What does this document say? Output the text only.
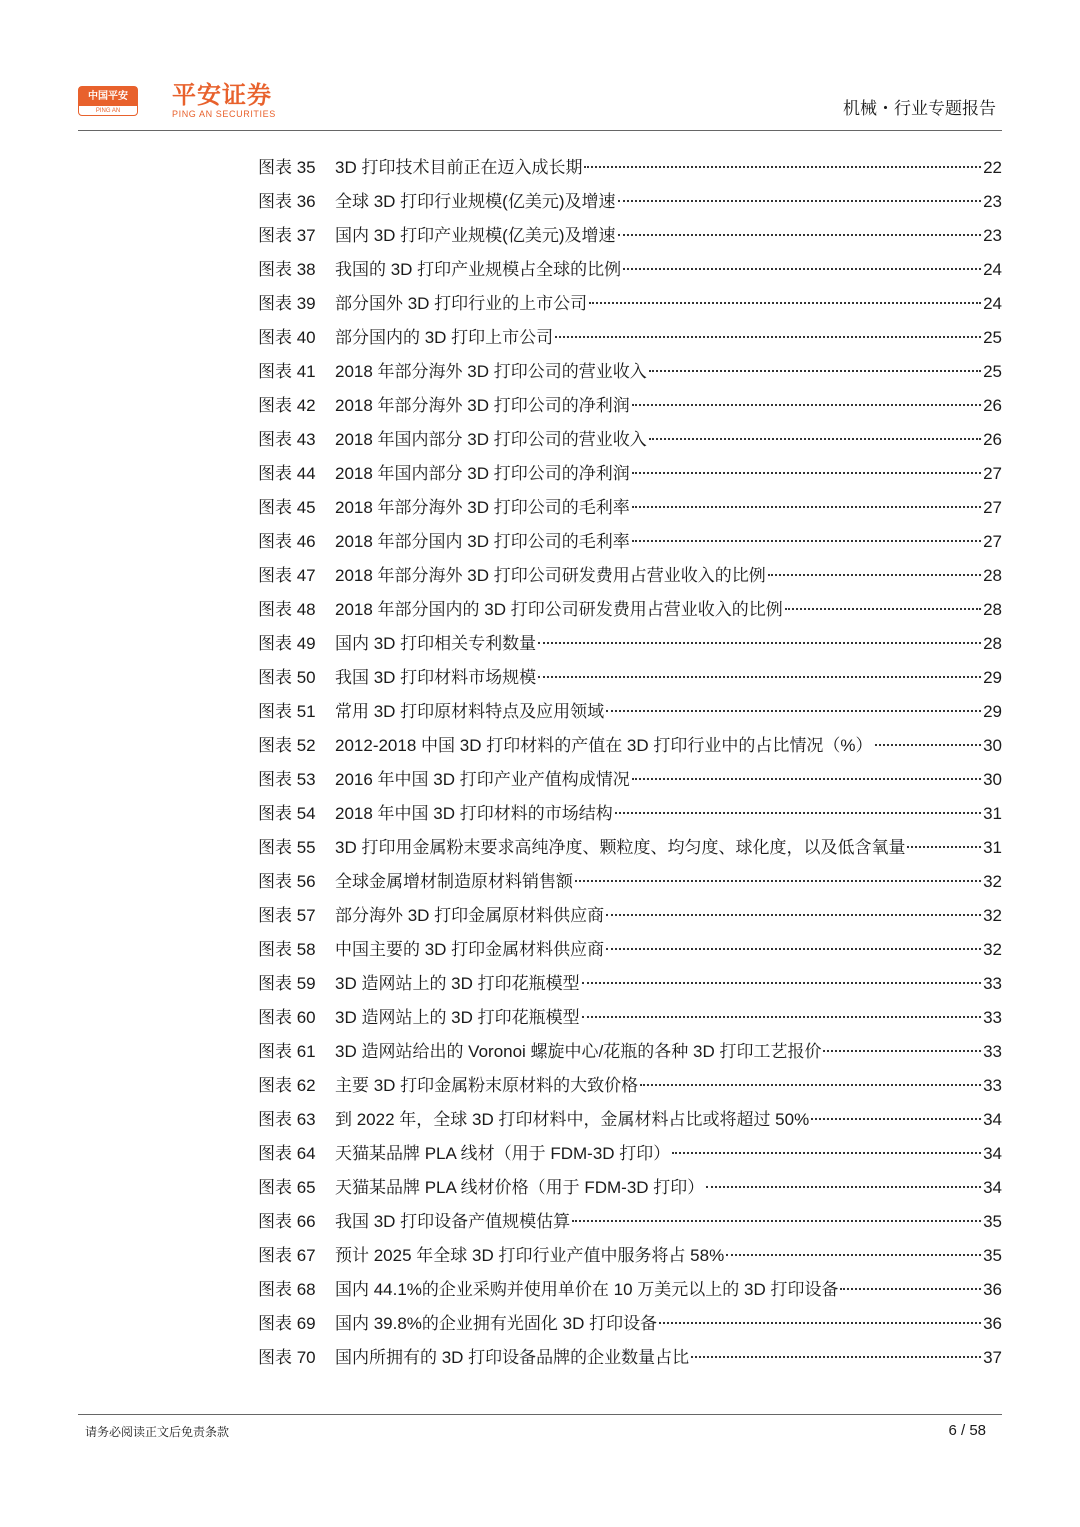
中国平安
PING AN
平安证券
PING AN SECURITIES	机械・行业专题报告
图表 35	3D 打印技术目前正在迈入成长期	22
图表 36	全球 3D 打印行业规模(亿美元)及增速	23
图表 37	国内 3D 打印产业规模(亿美元)及增速	23
图表 38	我国的 3D 打印产业规模占全球的比例	24
图表 39	部分国外 3D 打印行业的上市公司	24
图表 40	部分国内的 3D 打印上市公司	25
图表 41	2018 年部分海外 3D 打印公司的营业收入	25
图表 42	2018 年部分海外 3D 打印公司的净利润	26
图表 43	2018 年国内部分 3D 打印公司的营业收入	26
图表 44	2018 年国内部分 3D 打印公司的净利润	27
图表 45	2018 年部分海外 3D 打印公司的毛利率	27
图表 46	2018 年部分国内 3D 打印公司的毛利率	27
图表 47	2018 年部分海外 3D 打印公司研发费用占营业收入的比例	28
图表 48	2018 年部分国内的 3D 打印公司研发费用占营业收入的比例	28
图表 49	国内 3D 打印相关专利数量	28
图表 50	我国 3D 打印材料市场规模	29
图表 51	常用 3D 打印原材料特点及应用领域	29
图表 52	2012-2018 中国 3D 打印材料的产值在 3D 打印行业中的占比情况（%）	30
图表 53	2016 年中国 3D 打印产业产值构成情况	30
图表 54	2018 年中国 3D 打印材料的市场结构	31
图表 55	3D 打印用金属粉末要求高纯净度、颗粒度、均匀度、球化度，以及低含氧量	31
图表 56	全球金属增材制造原材料销售额	32
图表 57	部分海外 3D 打印金属原材料供应商	32
图表 58	中国主要的 3D 打印金属材料供应商	32
图表 59	3D 造网站上的 3D 打印花瓶模型	33
图表 60	3D 造网站上的 3D 打印花瓶模型	33
图表 61	3D 造网站给出的 Voronoi 螺旋中心/花瓶的各种 3D 打印工艺报价	33
图表 62	主要 3D 打印金属粉末原材料的大致价格	33
图表 63	到 2022 年，全球 3D 打印材料中，金属材料占比或将超过 50%	34
图表 64	天猫某品牌 PLA 线材（用于 FDM-3D 打印）	34
图表 65	天猫某品牌 PLA 线材价格（用于 FDM-3D 打印）	34
图表 66	我国 3D 打印设备产值规模估算	35
图表 67	预计 2025 年全球 3D 打印行业产值中服务将占 58%	35
图表 68	国内 44.1%的企业采购并使用单价在 10 万美元以上的 3D 打印设备	36
图表 69	国内 39.8%的企业拥有光固化 3D 打印设备	36
图表 70	国内所拥有的 3D 打印设备品牌的企业数量占比	37
请务必阅读正文后免责条款	6 / 58
